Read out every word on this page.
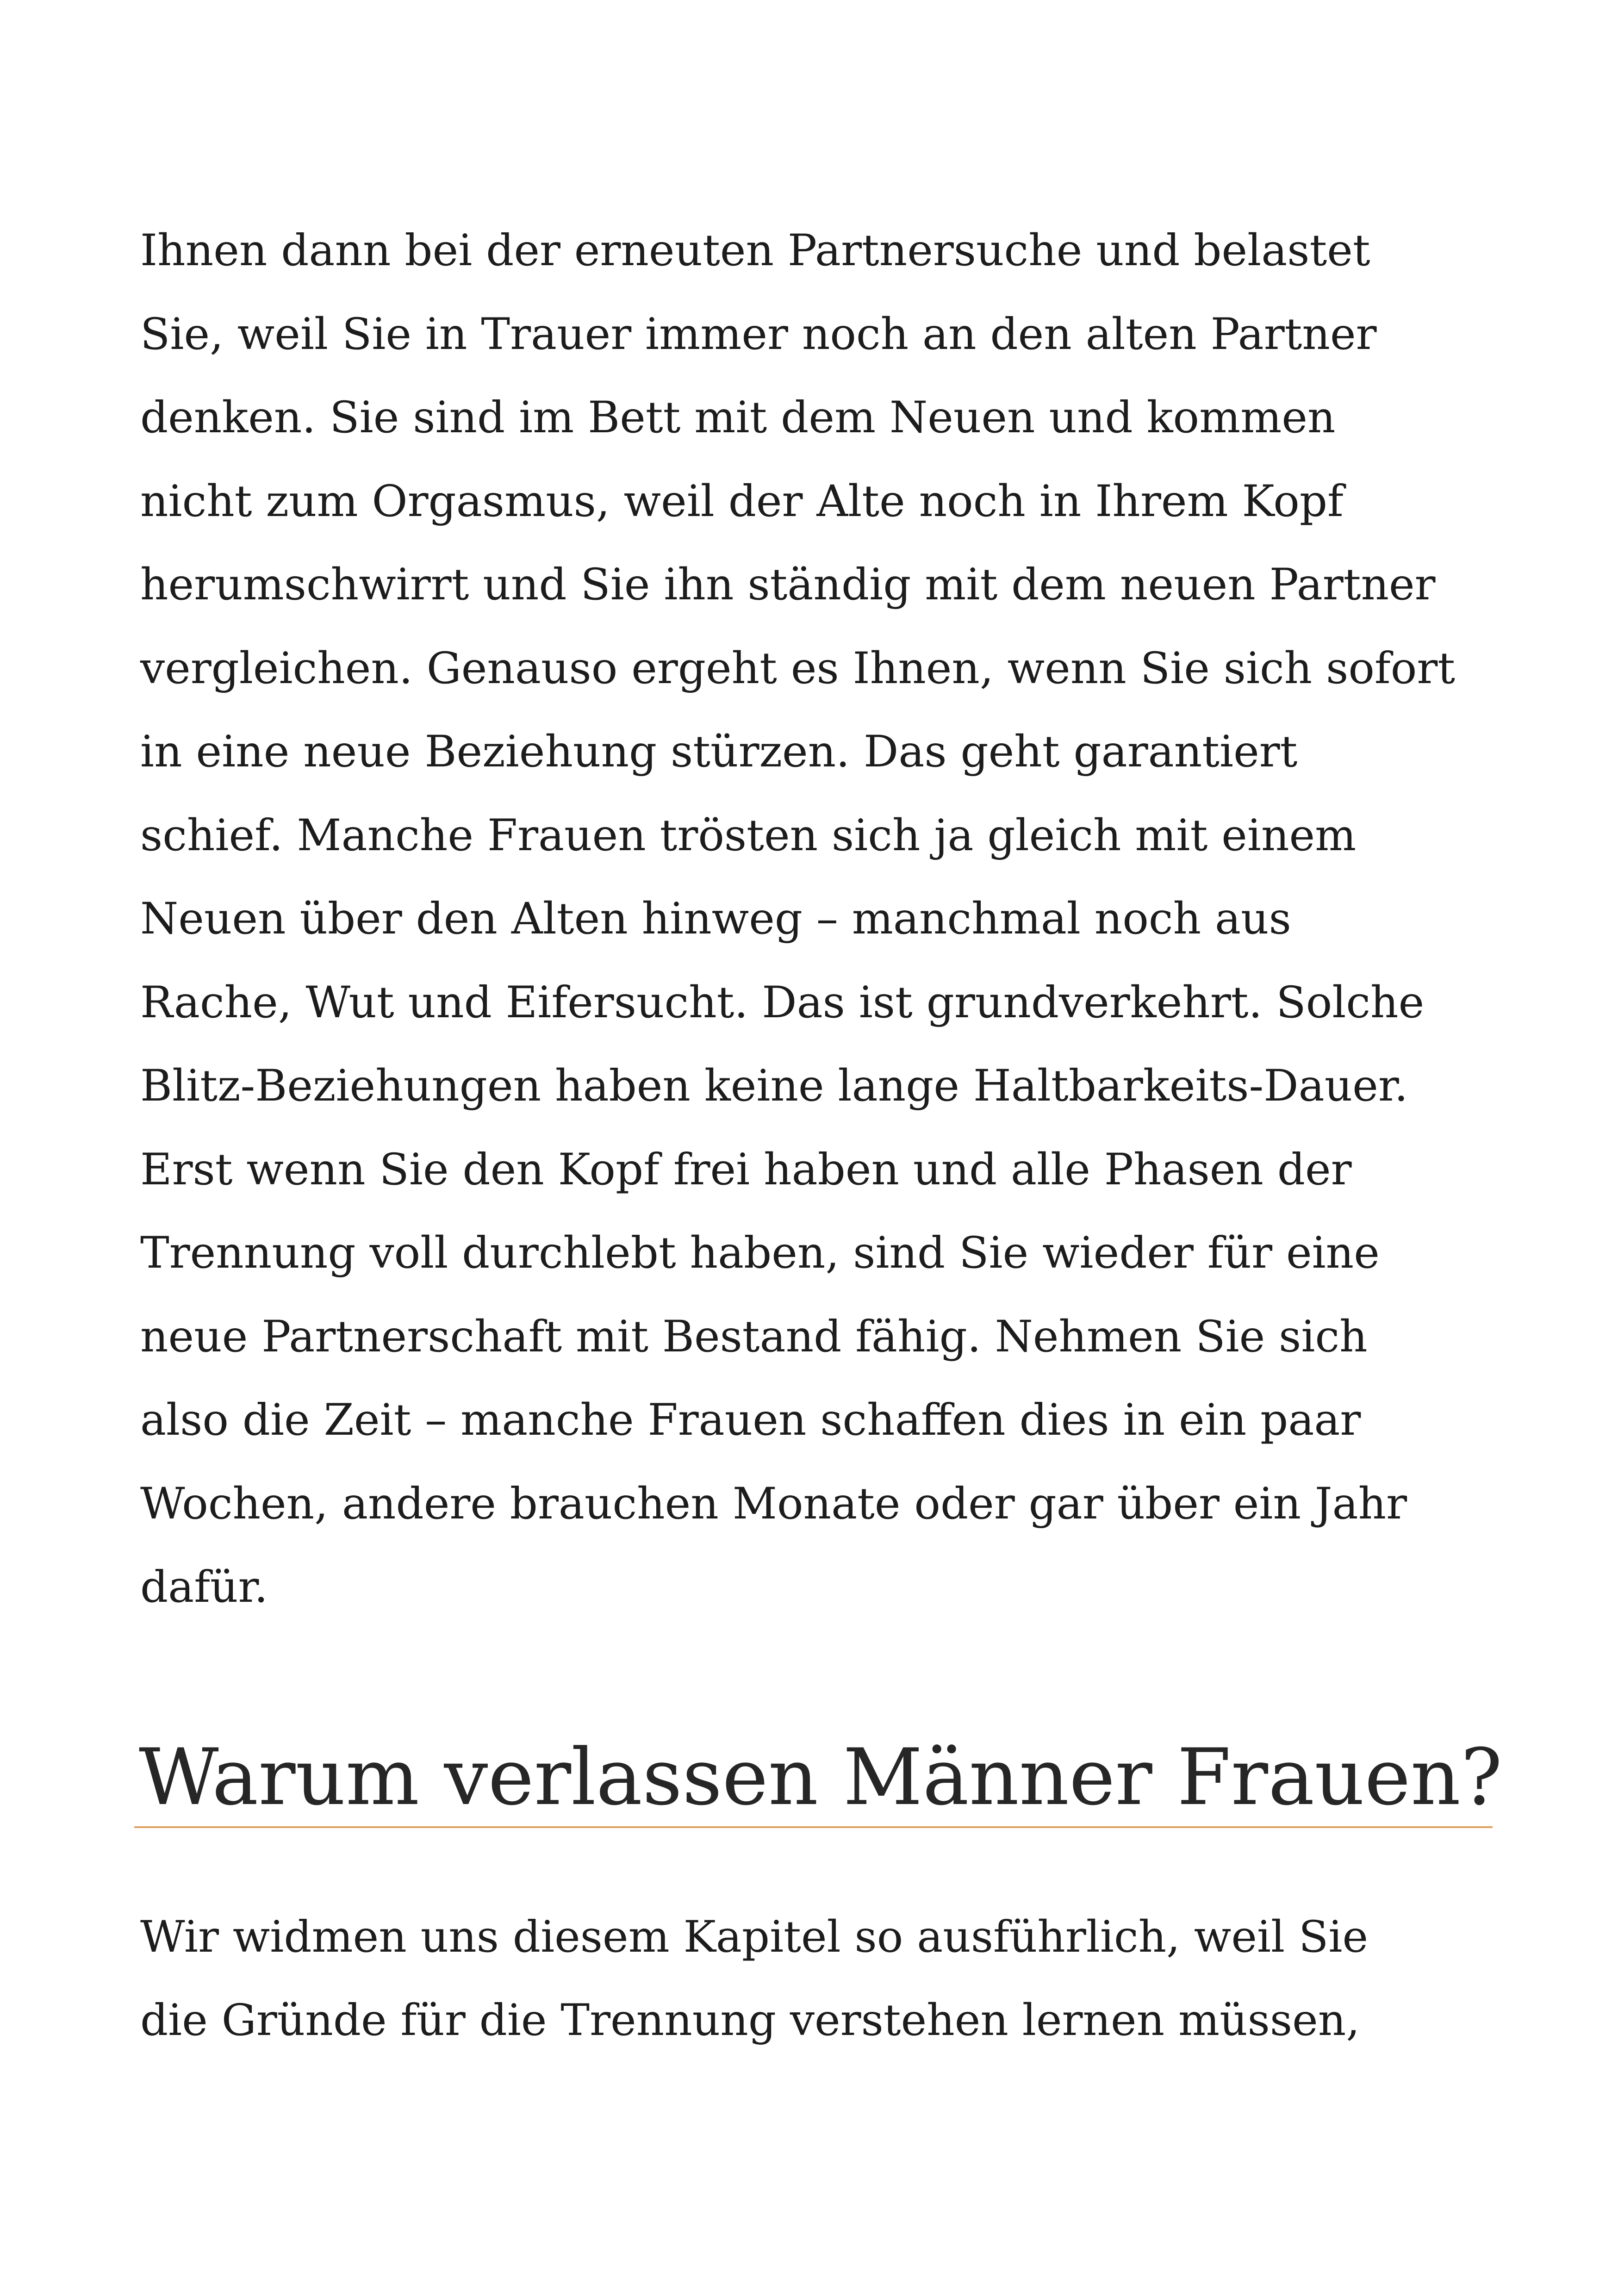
Ihnen dann bei der erneuten Partnersuche und belastet

Sie, weil Sie in Trauer immer noch an den alten Partner

denken. Sie sind im Bett mit dem Neuen und kommen

nicht zum Orgasmus, weil der Alte noch in Ihrem Kopf

herumschwirrt und Sie ihn ständig mit dem neuen Partner

vergleichen. Genauso ergeht es Ihnen, wenn Sie sich sofort

in eine neue Beziehung stürzen. Das geht garantiert

schief. Manche Frauen trösten sich ja gleich mit einem

Neuen über den Alten hinweg – manchmal noch aus

Rache, Wut und Eifersucht. Das ist grundverkehrt. Solche

Blitz-Beziehungen haben keine lange Haltbarkeits-Dauer.

Erst wenn Sie den Kopf frei haben und alle Phasen der

Trennung voll durchlebt haben, sind Sie wieder für eine

neue Partnerschaft mit Bestand fähig. Nehmen Sie sich

also die Zeit – manche Frauen schaffen dies in ein paar

Wochen, andere brauchen Monate oder gar über ein Jahr

dafür.

Warum verlassen Männer Frauen?

Wir widmen uns diesem Kapitel so ausführlich, weil Sie

die Gründe für die Trennung verstehen lernen müssen,
